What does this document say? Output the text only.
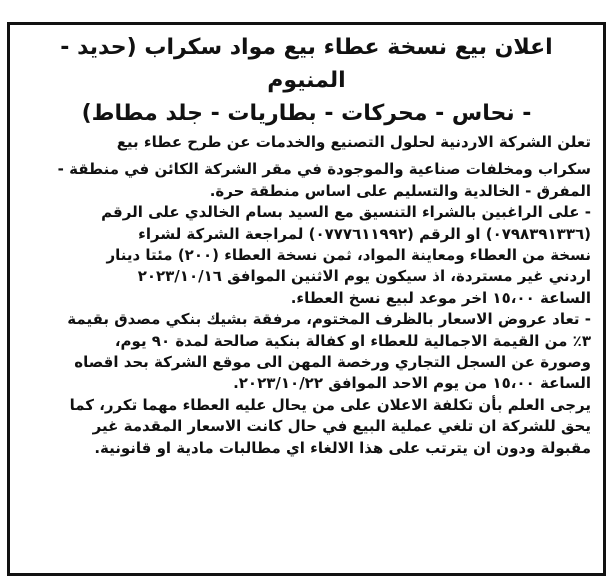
اعلان بيع نسخة عطاء بيع مواد سكراب (حديد - المنيوم
- نحاس - محركات - بطاريات - جلد مطاط)

تعلن الشركة الاردنية لحلول التصنيع والخدمات عن طرح عطاء بيع
سكراب ومخلفات صناعية والموجودة في مقر الشركة الكائن في منطقة -
المفرق - الخالدية والتسليم على اساس منطقة حرة.

- على الراغبين بالشراء التنسيق مع السيد بسام الخالدي على الرقم
(٠٧٩٨٣٩١٣٣٦) او الرقم (٠٧٧٧٦١١٩٩٢) لمراجعة الشركة لشراء
نسخة من العطاء ومعاينة المواد، ثمن نسخة العطاء (٢٠٠) مئتا دينار
اردني غير مستردة، اذ سيكون يوم الاثنين الموافق ٢٠٢٣/١٠/١٦
الساعة ١٥،٠٠ اخر موعد لبيع نسخ العطاء.

- تعاد عروض الاسعار بالظرف المختوم، مرفقة بشيك بنكي مصدق بقيمة
٣٪ من القيمة الاجمالية للعطاء او كفالة بنكية صالحة لمدة ٩٠ يوم،
وصورة عن السجل التجاري ورخصة المهن الى موقع الشركة بحد اقصاه
الساعة ١٥،٠٠ من يوم الاحد الموافق ٢٠٢٣/١٠/٢٢.

يرجى العلم بأن تكلفة الاعلان على من يحال عليه العطاء مهما تكرر، كما
يحق للشركة ان تلغي عملية البيع في حال كانت الاسعار المقدمة غير
مقبولة ودون ان يترتب على هذا الالغاء اي مطالبات مادية او قانونية.
